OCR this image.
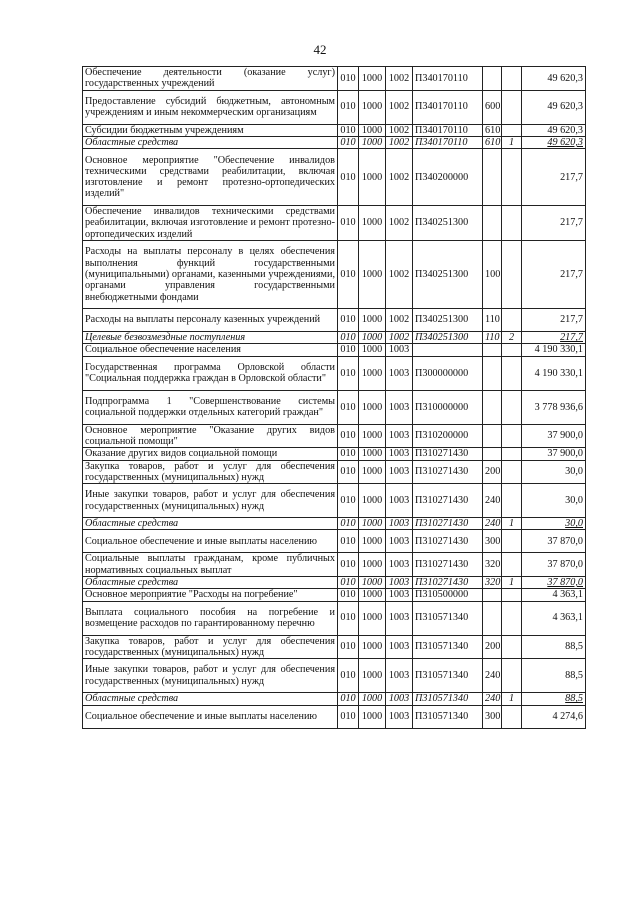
42
Обеспечение деятельности (оказание услуг) государственных учреждений	010	1000	1002	П340170110			49 620,3
Предоставление субсидий бюджетным, автономным учреждениям и иным некоммерческим организациям	010	1000	1002	П340170110	600		49 620,3
Субсидии бюджетным учреждениям	010	1000	1002	П340170110	610		49 620,3
Областные средства	010	1000	1002	П340170110	610	1	49 620,3
Основное мероприятие "Обеспечение инвалидов техническими средствами реабилитации, включая изготовление и ремонт протезно-ортопедических изделий"	010	1000	1002	П340200000			217,7
Обеспечение инвалидов техническими средствами реабилитации, включая изготовление и ремонт протезно-ортопедических изделий	010	1000	1002	П340251300			217,7
Расходы на выплаты персоналу в целях обеспечения выполнения функций государственными (муниципальными) органами, казенными учреждениями, органами управления государственными внебюджетными фондами	010	1000	1002	П340251300	100		217,7
Расходы на выплаты персоналу казенных учреждений	010	1000	1002	П340251300	110		217,7
Целевые безвозмездные поступления	010	1000	1002	П340251300	110	2	217,7
Социальное обеспечение населения	010	1000	1003				4 190 330,1
Государственная программа Орловской области "Социальная поддержка граждан в Орловской области"	010	1000	1003	П300000000			4 190 330,1
Подпрограмма 1 "Совершенствование системы социальной поддержки отдельных категорий граждан"	010	1000	1003	П310000000			3 778 936,6
Основное мероприятие "Оказание других видов социальной помощи"	010	1000	1003	П310200000			37 900,0
Оказание других видов социальной помощи	010	1000	1003	П310271430			37 900,0
Закупка товаров, работ и услуг для обеспечения государственных (муниципальных) нужд	010	1000	1003	П310271430	200		30,0
Иные закупки товаров, работ и услуг для обеспечения государственных (муниципальных) нужд	010	1000	1003	П310271430	240		30,0
Областные средства	010	1000	1003	П310271430	240	1	30,0
Социальное обеспечение и иные выплаты населению	010	1000	1003	П310271430	300		37 870,0
Социальные выплаты гражданам, кроме публичных нормативных социальных выплат	010	1000	1003	П310271430	320		37 870,0
Областные средства	010	1000	1003	П310271430	320	1	37 870,0
Основное мероприятие "Расходы на погребение"	010	1000	1003	П310500000			4 363,1
Выплата социального пособия на погребение и возмещение расходов по гарантированному перечню	010	1000	1003	П310571340			4 363,1
Закупка товаров, работ и услуг для обеспечения государственных (муниципальных) нужд	010	1000	1003	П310571340	200		88,5
Иные закупки товаров, работ и услуг для обеспечения государственных (муниципальных) нужд	010	1000	1003	П310571340	240		88,5
Областные средства	010	1000	1003	П310571340	240	1	88,5
Социальное обеспечение и иные выплаты населению	010	1000	1003	П310571340	300		4 274,6
